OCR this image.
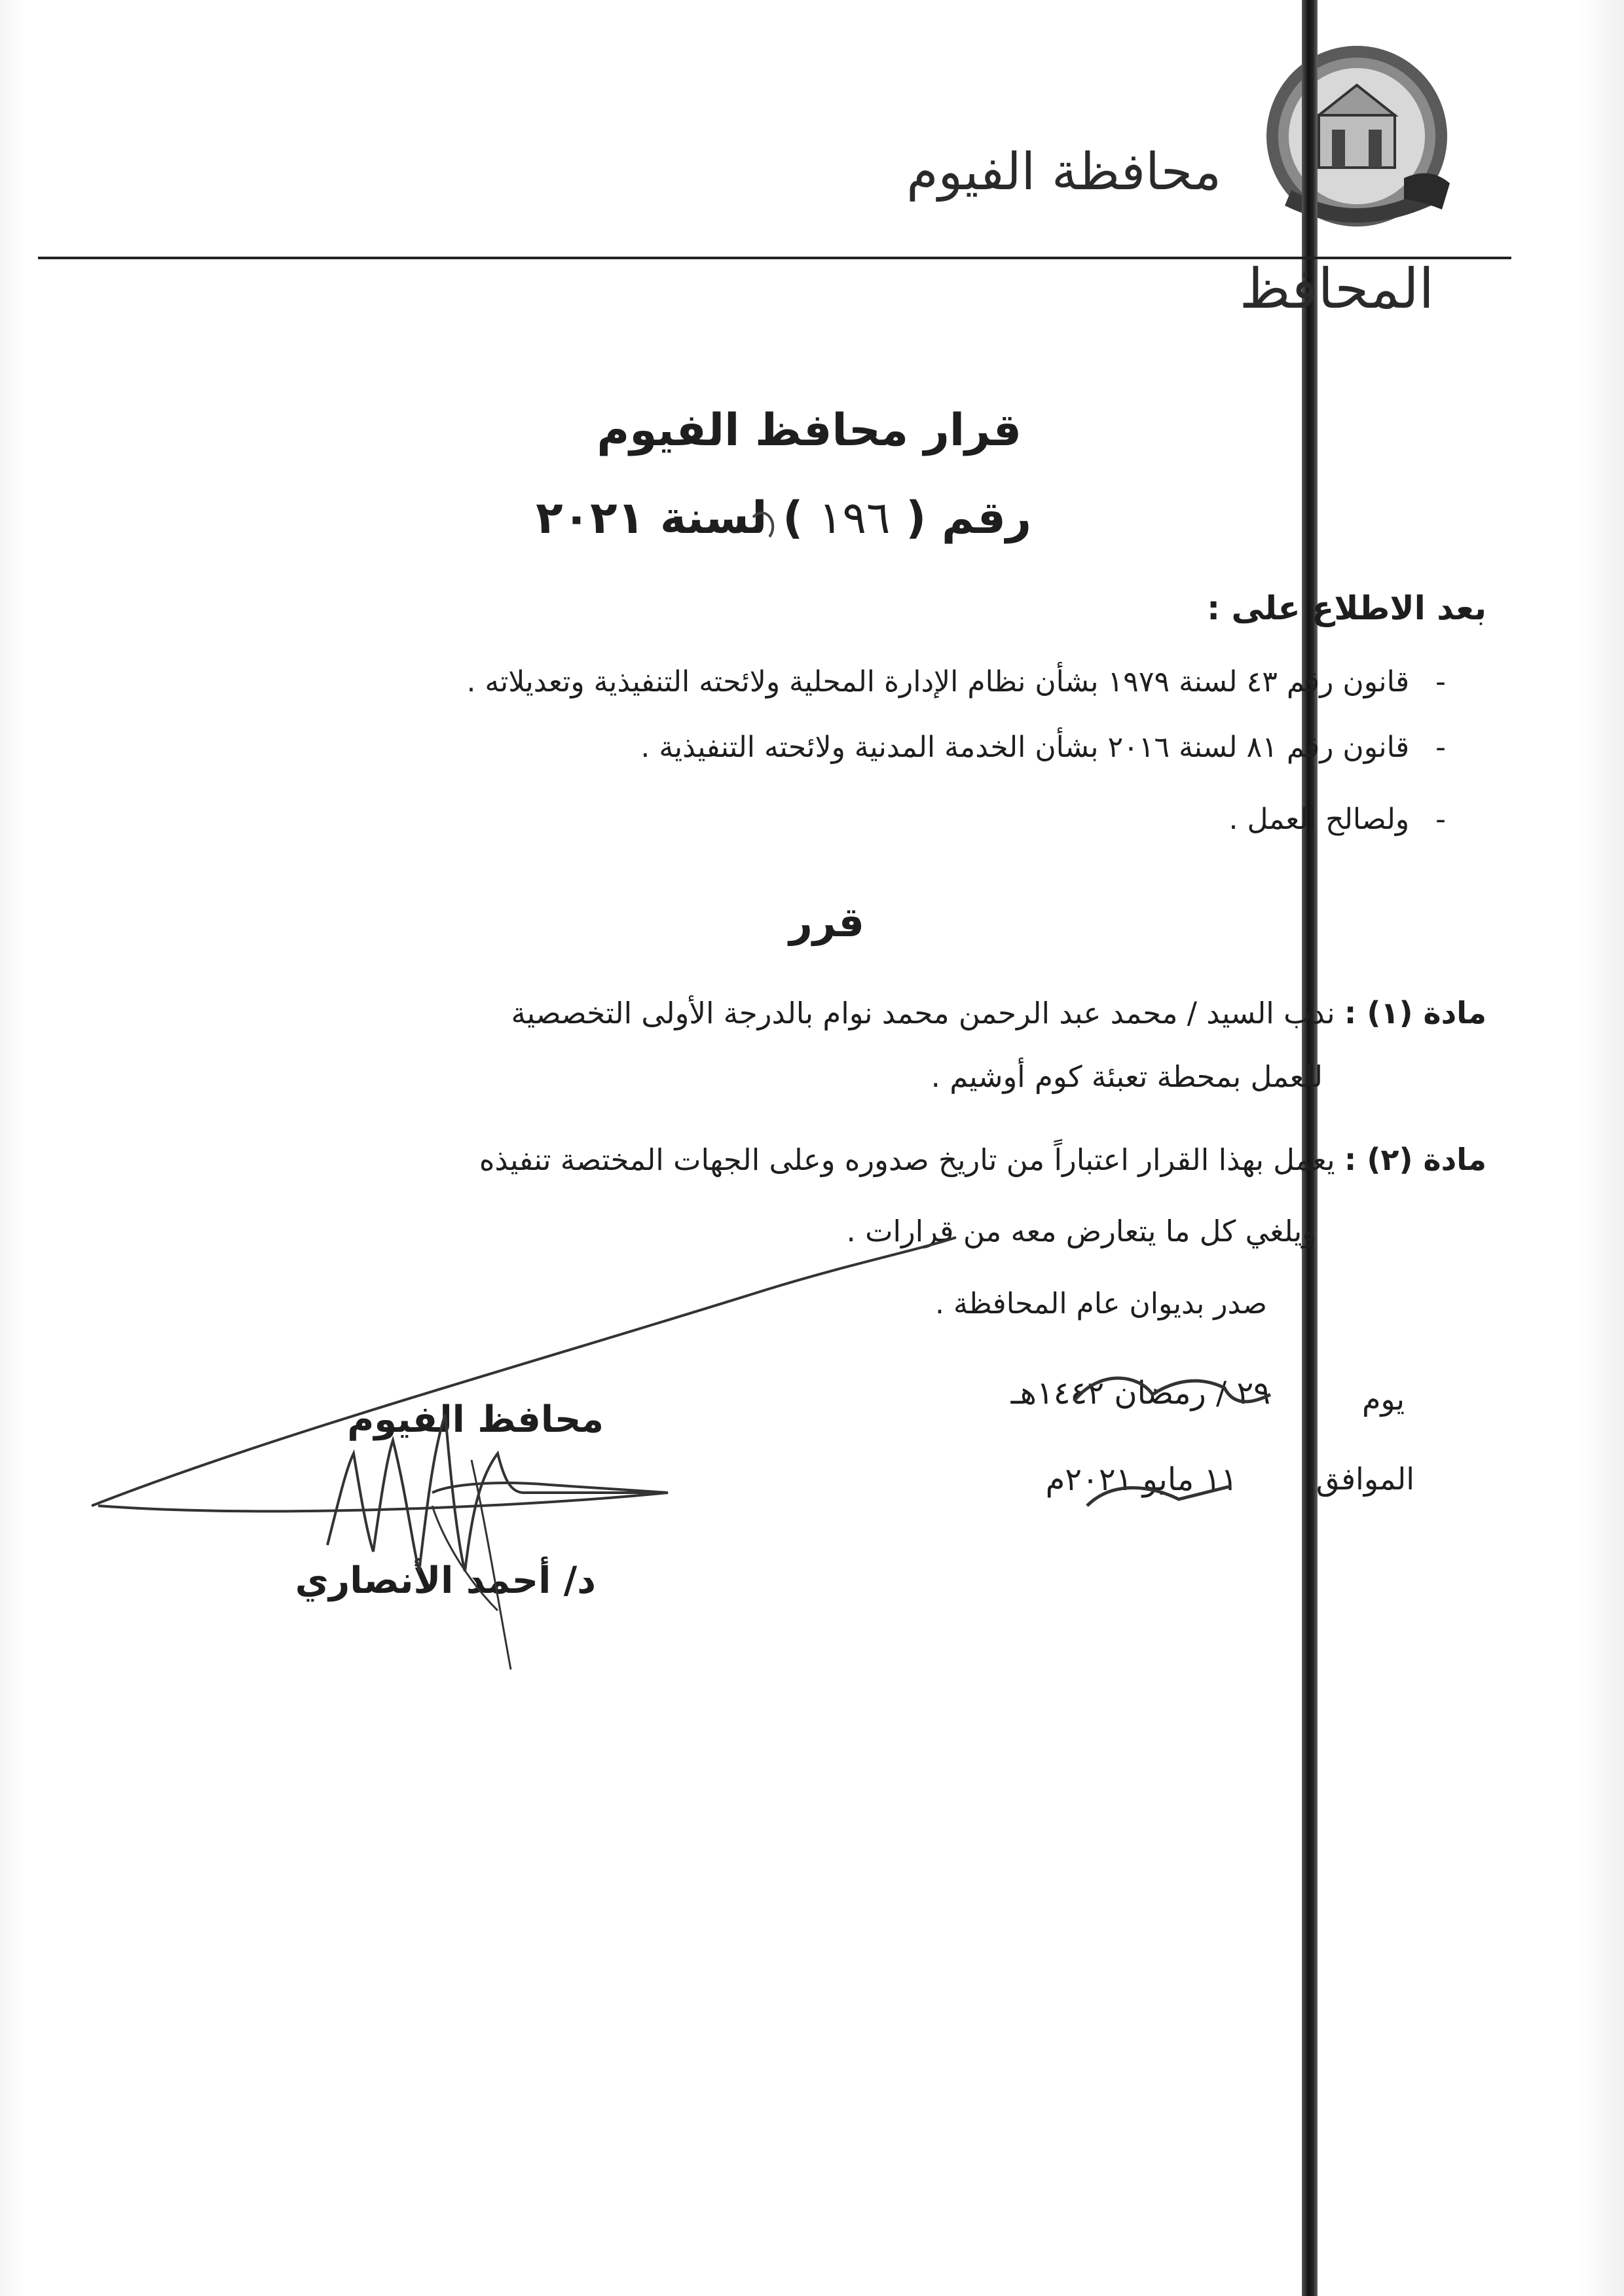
محافظة الفيوم
المحافظ
قرار محافظ الفيوم
رقم ( ١٩٦ ) لسنة ٢٠٢١
بعد الاطلاع على :
-قانون رقم ٤٣ لسنة ١٩٧٩ بشأن نظام الإدارة المحلية ولائحته التنفيذية وتعديلاته .
-قانون رقم ٨١ لسنة ٢٠١٦ بشأن الخدمة المدنية ولائحته التنفيذية .
-ولصالح العمل .
قرر
مادة (١) : ندب السيد / محمد عبد الرحمن محمد نوام بالدرجة الأولى التخصصية
للعمل بمحطة تعبئة كوم أوشيم .
مادة (٢) : يعمل بهذا القرار اعتباراً من تاريخ صدوره وعلى الجهات المختصة تنفيذه
ويلغي كل ما يتعارض معه من قرارات .
صدر بديوان عام المحافظة .
يوم
٢٩ / رمضان ١٤٤٢هـ
الموافق
١١ مايو ٢٠٢١م
محافظ الفيوم
د/ أحمد الأنصاري
